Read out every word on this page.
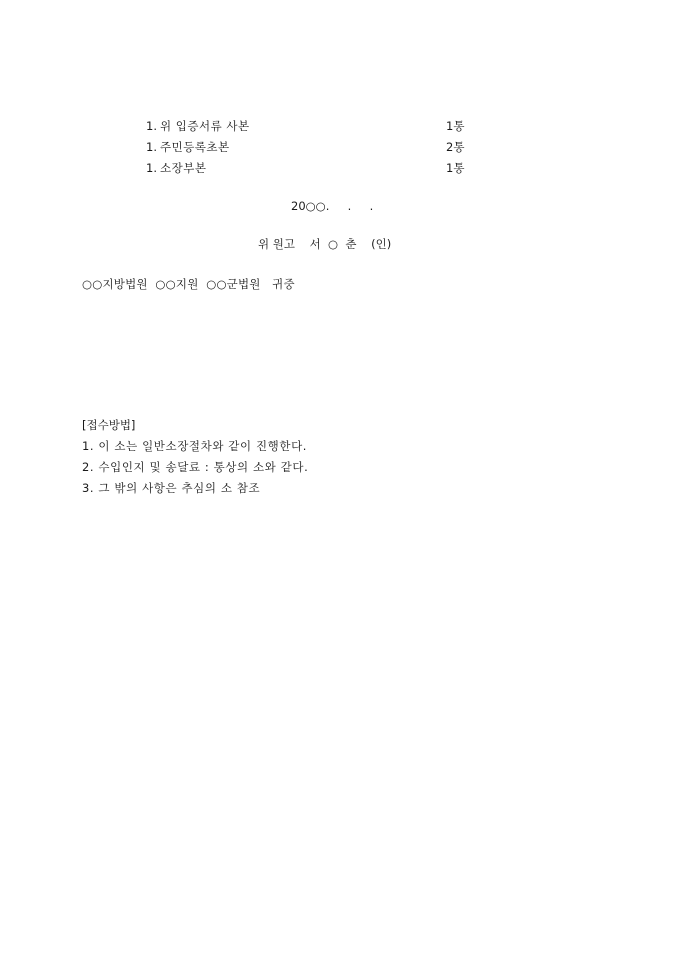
1. 위 입증서류 사본	1통
1. 주민등록초본	2통
1. 소장부본	1통
20○○.     .     .
위 원고    서  ○  춘    (인)
○○지방법원  ○○지원  ○○군법원   귀중
[접수방법]
1. 이 소는 일반소장절차와 같이 진행한다.
2. 수입인지 및 송달료 : 통상의 소와 같다.
3. 그 밖의 사항은 추심의 소 참조
